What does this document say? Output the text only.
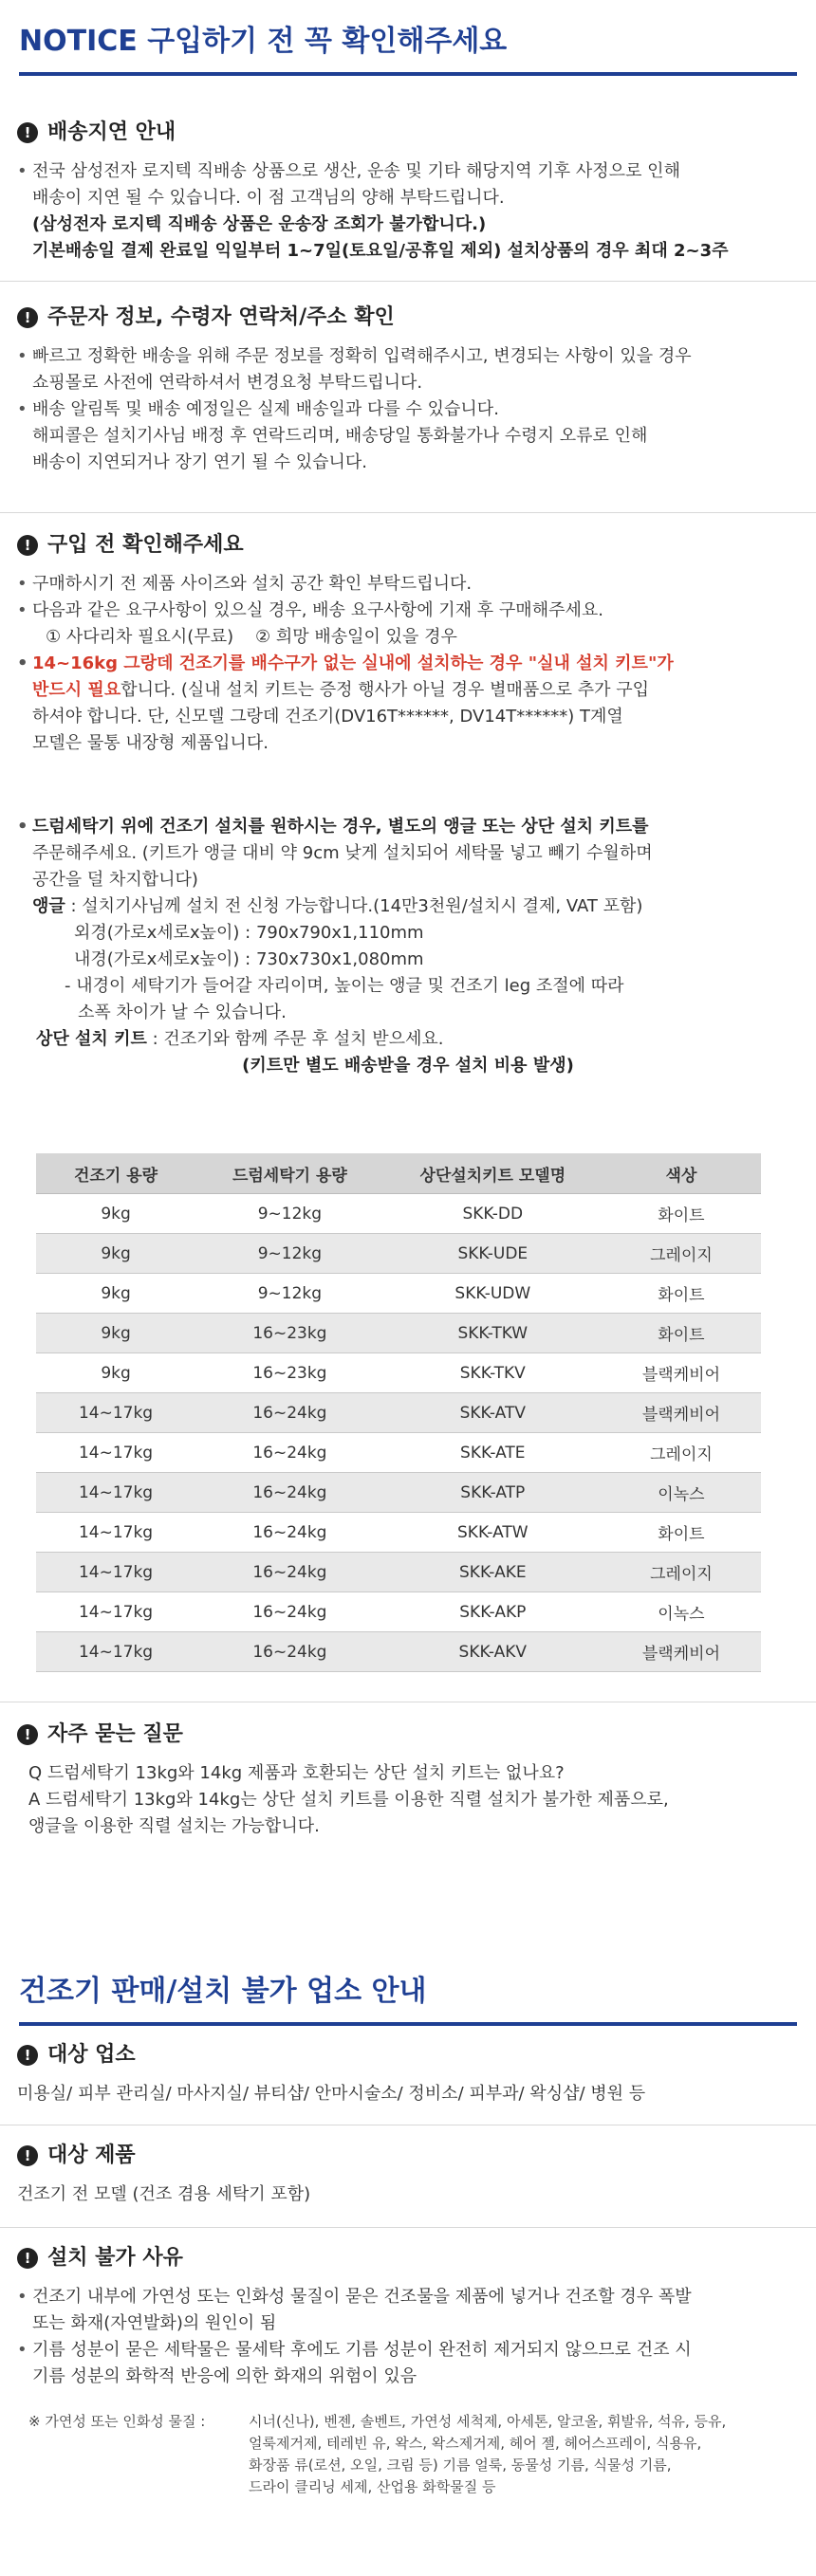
NOTICE 구입하기 전 꼭 확인해주세요
! 배송지연 안내
• 전국 삼성전자 로지텍 직배송 상품으로 생산, 운송 및 기타 해당지역 기후 사정으로 인해
배송이 지연 될 수 있습니다. 이 점 고객님의 양해 부탁드립니다.
(삼성전자 로지텍 직배송 상품은 운송장 조회가 불가합니다.)
기본배송일 결제 완료일 익일부터 1~7일(토요일/공휴일 제외) 설치상품의 경우 최대 2~3주
! 주문자 정보, 수령자 연락처/주소 확인
• 빠르고 정확한 배송을 위해 주문 정보를 정확히 입력해주시고, 변경되는 사항이 있을 경우
쇼핑몰로 사전에 연락하셔서 변경요청 부탁드립니다.
• 배송 알림톡 및 배송 예정일은 실제 배송일과 다를 수 있습니다.
해피콜은 설치기사님 배정 후 연락드리며, 배송당일 통화불가나 수령지 오류로 인해
배송이 지연되거나 장기 연기 될 수 있습니다.
! 구입 전 확인해주세요
• 구매하시기 전 제품 사이즈와 설치 공간 확인 부탁드립니다.
• 다음과 같은 요구사항이 있으실 경우, 배송 요구사항에 기재 후 구매해주세요.
① 사다리차 필요시(무료)    ② 희망 배송일이 있을 경우
• 14~16kg 그랑데 건조기를 배수구가 없는 실내에 설치하는 경우 "실내 설치 키트"가
반드시 필요합니다. (실내 설치 키트는 증정 행사가 아닐 경우 별매품으로 추가 구입
하셔야 합니다. 단, 신모델 그랑데 건조기(DV16T******, DV14T******) T계열
모델은 물통 내장형 제품입니다.
• 드럼세탁기 위에 건조기 설치를 원하시는 경우, 별도의 앵글 또는 상단 설치 키트를
주문해주세요. (키트가 앵글 대비 약 9cm 낮게 설치되어 세탁물 넣고 빼기 수월하며
공간을 덜 차지합니다)
앵글 : 설치기사님께 설치 전 신청 가능합니다.(14만3천원/설치시 결제, VAT 포함)
외경(가로x세로x높이) : 790x790x1,110mm
내경(가로x세로x높이) : 730x730x1,080mm
- 내경이 세탁기가 들어갈 자리이며, 높이는 앵글 및 건조기 leg 조절에 따라
소폭 차이가 날 수 있습니다.
상단 설치 키트 : 건조기와 함께 주문 후 설치 받으세요.
(키트만 별도 배송받을 경우 설치 비용 발생)
건조기 용량	드럼세탁기 용량	상단설치키트 모델명	색상
9kg	9~12kg	SKK-DD	화이트
9kg	9~12kg	SKK-UDE	그레이지
9kg	9~12kg	SKK-UDW	화이트
9kg	16~23kg	SKK-TKW	화이트
9kg	16~23kg	SKK-TKV	블랙케비어
14~17kg	16~24kg	SKK-ATV	블랙케비어
14~17kg	16~24kg	SKK-ATE	그레이지
14~17kg	16~24kg	SKK-ATP	이녹스
14~17kg	16~24kg	SKK-ATW	화이트
14~17kg	16~24kg	SKK-AKE	그레이지
14~17kg	16~24kg	SKK-AKP	이녹스
14~17kg	16~24kg	SKK-AKV	블랙케비어
! 자주 묻는 질문
Q 드럼세탁기 13kg와 14kg 제품과 호환되는 상단 설치 키트는 없나요?
A 드럼세탁기 13kg와 14kg는 상단 설치 키트를 이용한 직렬 설치가 불가한 제품으로,
앵글을 이용한 직렬 설치는 가능합니다.
건조기 판매/설치 불가 업소 안내
! 대상 업소
미용실/ 피부 관리실/ 마사지실/ 뷰티샵/ 안마시술소/ 정비소/ 피부과/ 왁싱샵/ 병원 등
! 대상 제품
건조기 전 모델 (건조 겸용 세탁기 포함)
! 설치 불가 사유
• 건조기 내부에 가연성 또는 인화성 물질이 묻은 건조물을 제품에 넣거나 건조할 경우 폭발
또는 화재(자연발화)의 원인이 됨
• 기름 성분이 묻은 세탁물은 물세탁 후에도 기름 성분이 완전히 제거되지 않으므로 건조 시
기름 성분의 화학적 반응에 의한 화재의 위험이 있음
※ 가연성 또는 인화성 물질 :	시너(신나), 벤젠, 솔벤트, 가연성 세척제, 아세톤, 알코올, 휘발유, 석유, 등유,
얼룩제거제, 테레빈 유, 왁스, 왁스제거제, 헤어 젤, 헤어스프레이, 식용유,
화장품 류(로션, 오일, 크림 등) 기름 얼룩, 동물성 기름, 식물성 기름,
드라이 클리닝 세제, 산업용 화학물질 등
